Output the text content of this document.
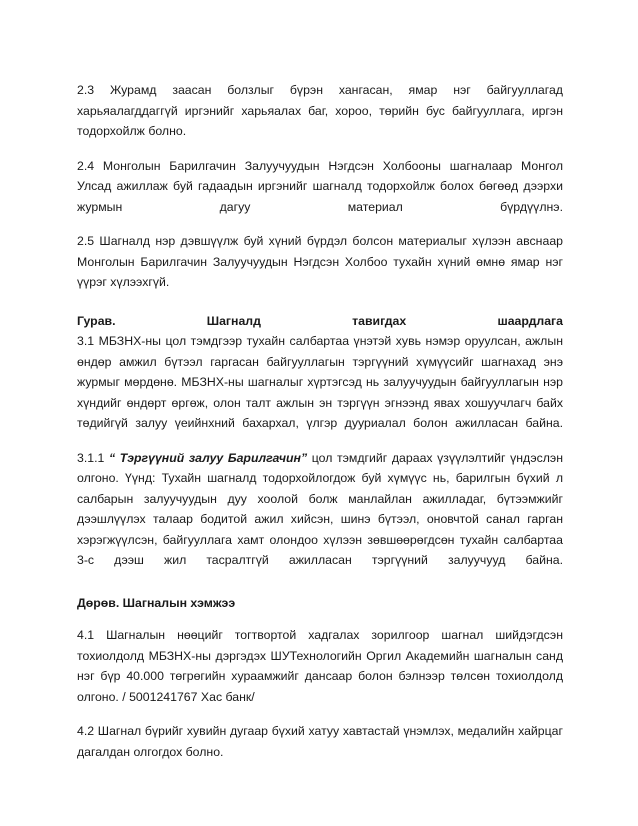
2.3 Журамд заасан болзлыг бүрэн хангасан, ямар нэг байгууллагад харьяалагддаггүй иргэнийг харьяалах баг, хороо, төрийн бус байгууллага, иргэн тодорхойлж болно.

2.4 Монголын Барилгачин Залуучуудын Нэгдсэн Холбооны шагналаар Монгол Улсад ажиллаж буй гадаадын иргэнийг шагналд тодорхойлж болох бөгөөд дээрхи журмын дагуу материал бүрдүүлнэ.

2.5 Шагналд нэр дэвшүүлж буй хүний бүрдэл болсон материалыг хүлээн авснаар Монголын Барилгачин Залуучуудын Нэгдсэн Холбоо тухайн хүний өмнө ямар нэг үүрэг хүлээхгүй.

Гурав. Шагналд тавигдах шаардлага

3.1 МБЗНХ-ны цол тэмдгээр тухайн салбартаа үнэтэй хувь нэмэр оруулсан, ажлын өндөр амжил бүтээл гаргасан байгууллагын тэргүүний хүмүүсийг шагнахад энэ журмыг мөрдөнө. МБЗНХ-ны шагналыг хүртэгсэд нь залуучуудын байгууллагын нэр хүндийг өндөрт өргөж, олон талт ажлын эн тэргүүн эгнээнд явах хошуучлагч байх төдийгүй залуу үеийнхний бахархал, үлгэр дууриалал болон ажилласан байна.

3.1.1 “ Тэргүүний залуу Барилгачин” цол тэмдгийг дараах үзүүлэлтийг үндэслэн олгоно. Үүнд: Тухайн шагналд тодорхойлогдож буй хүмүүс нь, барилгын бүхий л салбарын залуучуудын дуу хоолой болж манлайлан ажилладаг, бүтээмжийг дээшлүүлэх талаар бодитой ажил хийсэн, шинэ бүтээл, оновчтой санал гарган хэрэгжүүлсэн, байгууллага хамт олондоо хүлээн зөвшөөрөгдсөн тухайн салбартаа 3-с дээш жил тасралтгүй ажилласан тэргүүний залуучууд байна.

Дөрөв. Шагналын хэмжээ

4.1 Шагналын нөөцийг тогтвортой хадгалах зорилгоор шагнал шийдэгдсэн тохиолдолд МБЗНХ-ны дэргэдэх ШУТехнологийн Оргил Академийн шагналын санд нэг бүр 40.000 төгрөгийн хураамжийг дансаар болон бэлнээр төлсөн тохиолдолд олгоно. / 5001241767 Хас банк/

4.2 Шагнал бүрийг хувийн дугаар бүхий хатуу хавтастай үнэмлэх, медалийн хайрцаг дагалдан олгогдох болно.
